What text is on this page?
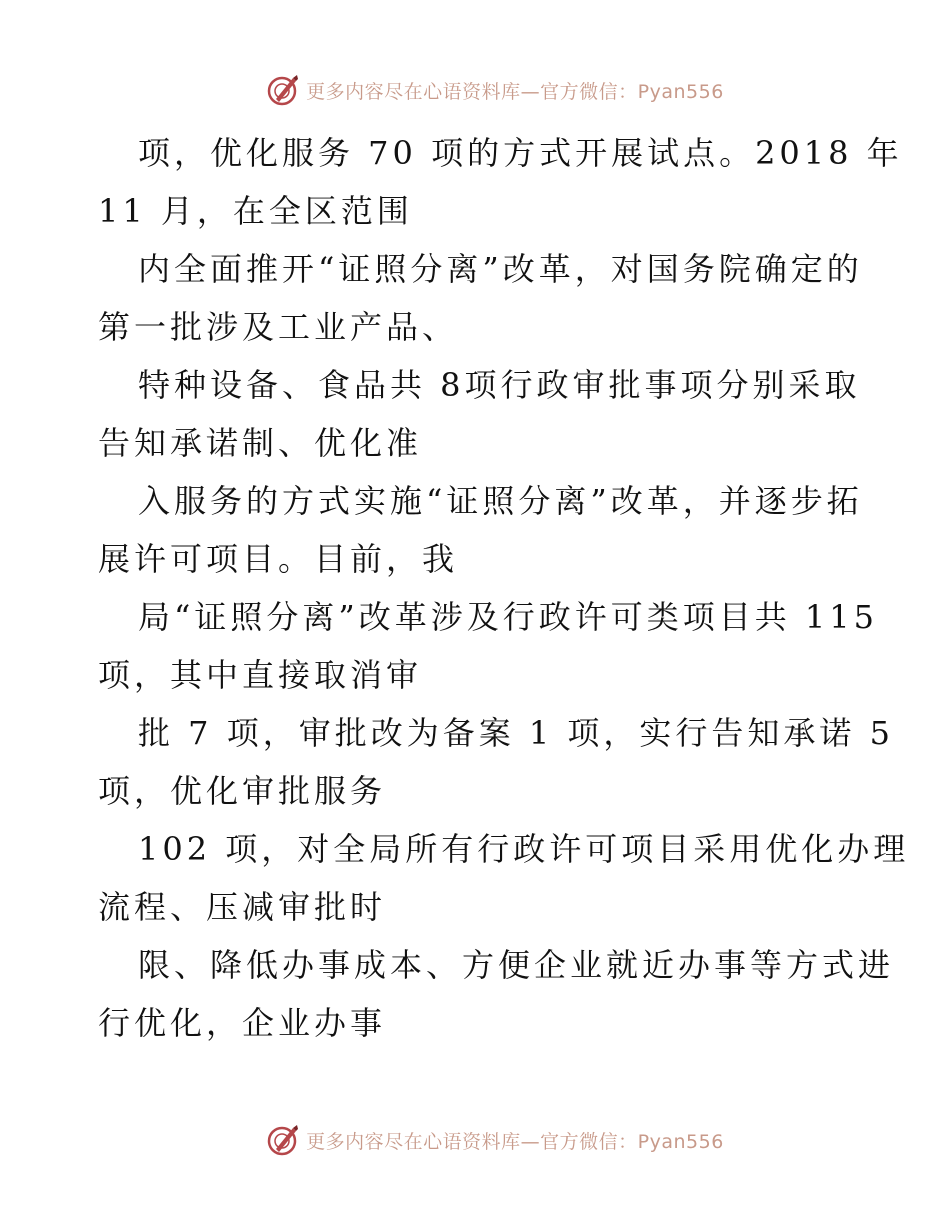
更多内容尽在心语资料库—官方微信：Pyan556
项，优化服务 70 项的方式开展试点。2018 年
11 月，在全区范围
内全面推开“证照分离”改革，对国务院确定的
第一批涉及工业产品、
特种设备、食品共 8项行政审批事项分别采取
告知承诺制、优化准
入服务的方式实施“证照分离”改革，并逐步拓
展许可项目。目前，我
局“证照分离”改革涉及行政许可类项目共 115
项，其中直接取消审
批 7 项，审批改为备案 1 项，实行告知承诺 5
项，优化审批服务
102 项，对全局所有行政许可项目采用优化办理
流程、压减审批时
限、降低办事成本、方便企业就近办事等方式进
行优化，企业办事
更多内容尽在心语资料库—官方微信：Pyan556
